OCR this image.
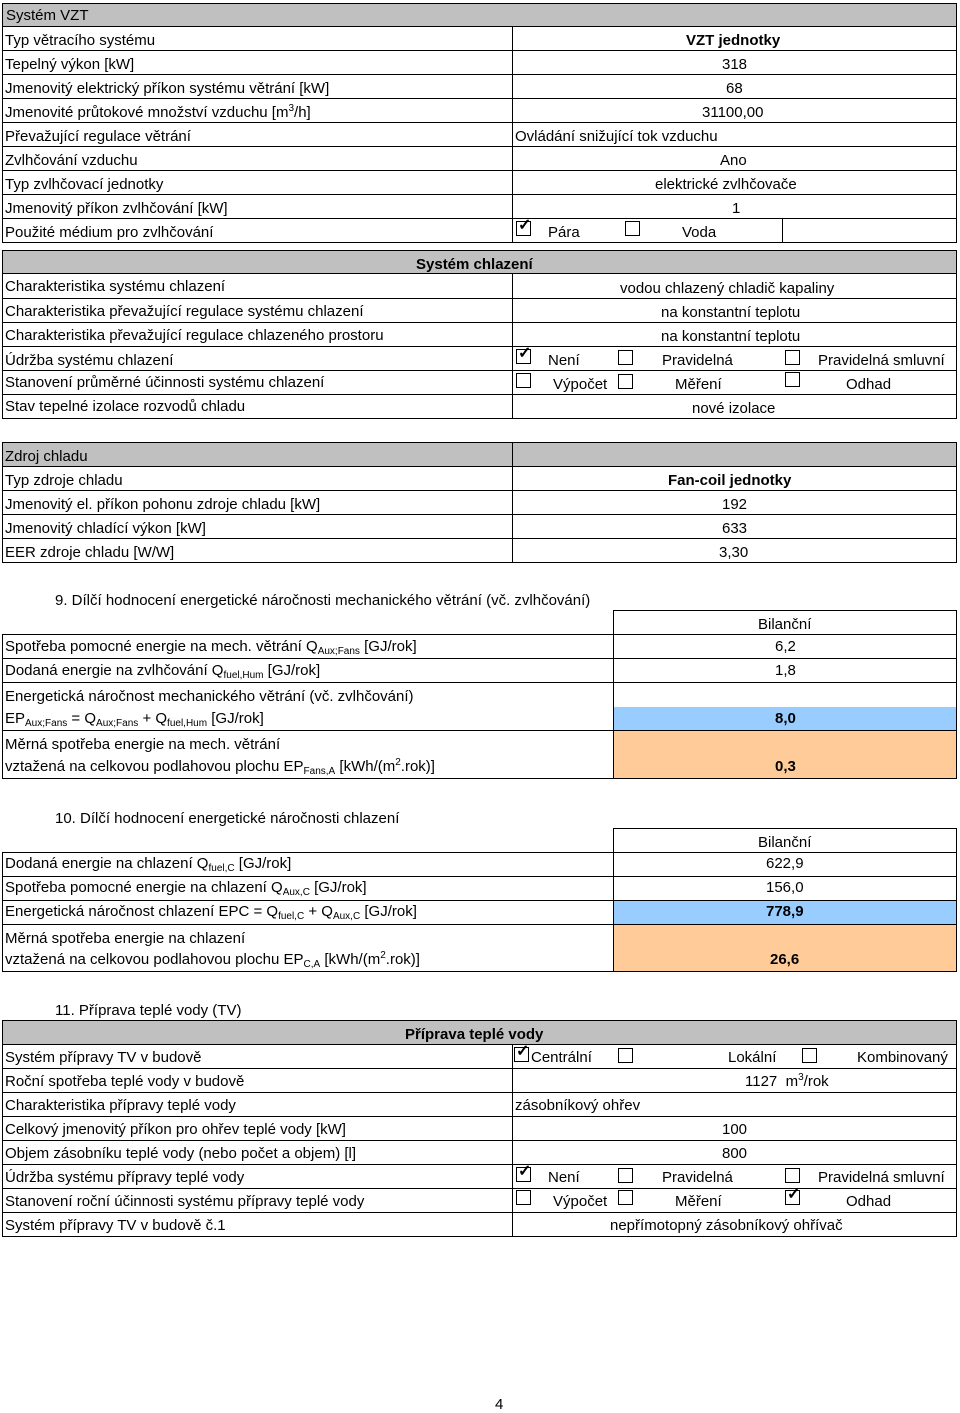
Systém VZT
Typ větracího systému	VZT jednotky
Tepelný výkon [kW]	318
Jmenovitý elektrický příkon systému větrání [kW]	68
Jmenovité průtokové množství vzduchu $[m^3/h]$	31100,00
Převažující regulace větrání	Ovládání snižující tok vzduchu
Zvlhčování vzduchu	Ano
Typ zvlhčovací jednotky	elektrické zvlhčovače
Jmenovitý příkon zvlhčování [kW]	1
Použité médium pro zvlhčování	✓ Pára	Voda
Systém chlazení
Charakteristika systému chlazení	vodou chlazený chladič kapaliny
Charakteristika převažující regulace systému chlazení	na konstantní teplotu
Charakteristika převažující regulace chlazeného prostoru	na konstantní teplotu
Údržba systému chlazení	✓ Není	Pravidelná	Pravidelná smluvní
Stanovení průměrné účinnosti systému chlazení	Výpočet	Měření	Odhad
Stav tepelné izolace rozvodů chladu	nové izolace
Zdroj chladu
Typ zdroje chladu	Fan-coil jednotky
Jmenovitý el. příkon pohonu zdroje chladu [kW]	192
Jmenovitý chladící výkon [kW]	633
EER zdroje chladu [W/W]	3,30
9. Dílčí hodnocení energetické náročnosti mechanického větrání (vč. zvlhčování)
Bilanční
Spotřeba pomocné energie na mech. větrání $Q_{Aux;Fans}$ [GJ/rok]	6,2
Dodaná energie na zvlhčování $Q_{fuel,Hum}$ [GJ/rok]	1,8
Energetická náročnost mechanického větrání (vč. zvlhčování)
$EP_{Aux;Fans} = Q_{Aux;Fans} + Q_{fuel,Hum}$ [GJ/rok]	8,0
Měrná spotřeba energie na mech. větrání
vztažená na celkovou podlahovou plochu $EP_{Fans,A}$ $[kWh/(m^2.rok)]$	0,3
10. Dílčí hodnocení energetické náročnosti chlazení
Bilanční
Dodaná energie na chlazení $Q_{fuel,C}$ [GJ/rok]	622,9
Spotřeba pomocné energie na chlazení $Q_{Aux,C}$ [GJ/rok]	156,0
Energetická náročnost chlazení EPC = $Q_{fuel,C} + Q_{Aux,C}$ [GJ/rok]	778,9
Měrná spotřeba energie na chlazení
vztažená na celkovou podlahovou plochu $EP_{C,A}$ $[kWh/(m^2.rok)]$	26,6
11. Příprava teplé vody (TV)
Příprava teplé vody
Systém přípravy TV v budově	✓ Centrální	Lokální	Kombinovaný
Roční spotřeba teplé vody v budově	1127 $m^3$/rok
Charakteristika přípravy teplé vody	zásobníkový ohřev
Celkový jmenovitý příkon pro ohřev teplé vody [kW]	100
Objem zásobníku teplé vody (nebo počet a objem) [l]	800
Údržba systému přípravy teplé vody	✓ Není	Pravidelná	Pravidelná smluvní
Stanovení roční účinnosti systému přípravy teplé vody	Výpočet	Měření	✓	Odhad
Systém přípravy TV v budově č.1	nepřímotopný zásobníkový ohřívač
4
